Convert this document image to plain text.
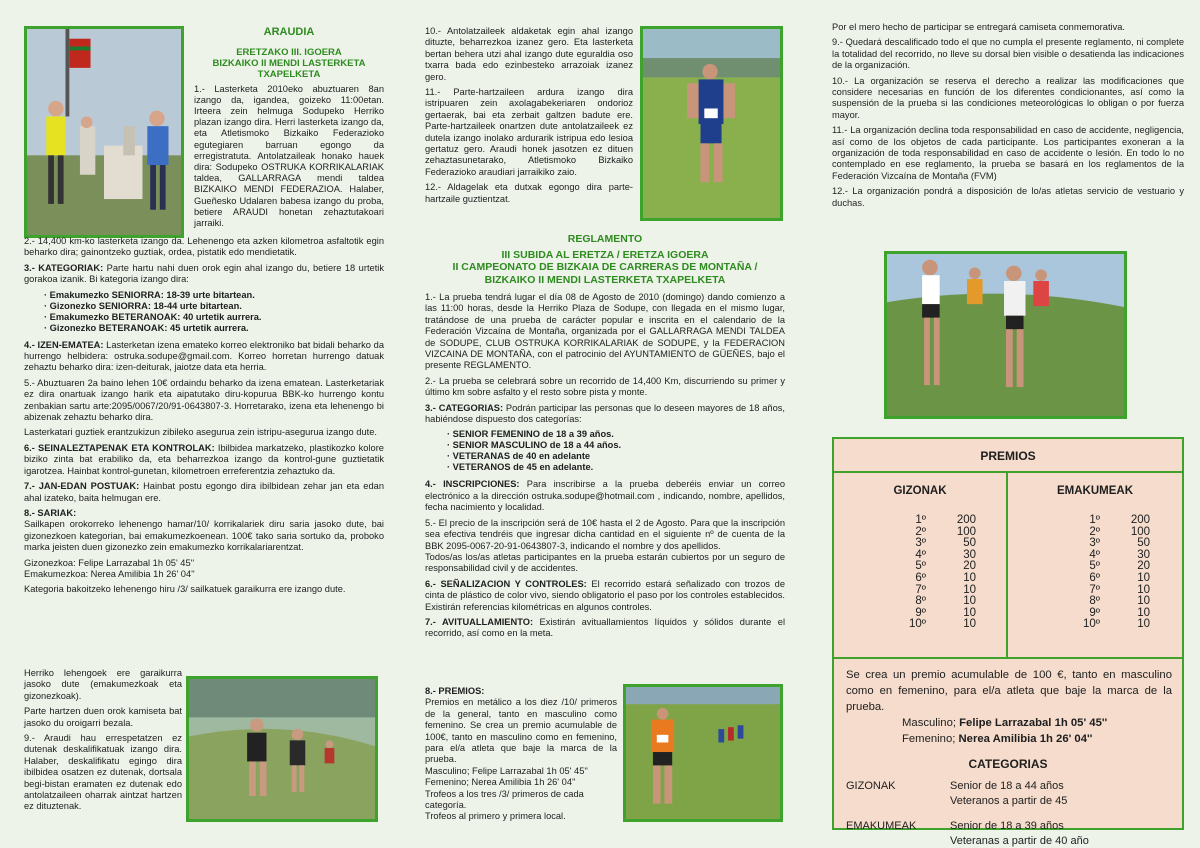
ARAUDIA
ERETZAKO III. IGOERA
BIZKAIKO II MENDI LASTERKETA TXAPELKETA
1.- Lasterketa 2010eko abuztuaren 8an izango da, igandea, goizeko 11:00etan. Irteera zein helmuga Sodupeko Herriko plazan izango dira. Herri lasterketa izango da, eta Atletismoko Bizkaiko Federazioko egutegiaren barruan egongo da erregistratuta. Antolatzaileak honako hauek dira: Sodupeko OSTRUKA KORRIKALARIAK taldea, GALLARRAGA mendi taldea BIZKAIKO MENDI FEDERAZIOA. Halaber, Gueñesko Udalaren babesa izango du proba, betiere ARAUDI honetan zehaztutakoari jarraiki.
2.- 14,400 km-ko lasterketa izango da. Lehenengo eta azken kilometroa asfaltotik egin beharko dira; gainontzeko guztiak, ordea, pistatik edo mendietatik.
3.- KATEGORIAK: Parte hartu nahi duen orok egin ahal izango du, betiere 18 urtetik gorakoa izanik. Bi kategoria izango dira:
· Emakumezko SENIORRA: 18-39 urte bitartean.
· Gizonezko SENIORRA: 18-44 urte bitartean.
· Emakumezko BETERANOAK: 40 urtetik aurrera.
· Gizonezko BETERANOAK: 45 urtetik aurrera.
4.- IZEN-EMATEA: Lasterketan izena emateko korreo elektroniko bat bidali beharko da hurrengo helbidera: ostruka.sodupe@gmail.com. Korreo horretan hurrengo datuak zehaztu beharko dira: izen-deiturak, jaiotze data eta herria.
5.- Abuztuaren 2a baino lehen 10€ ordaindu beharko da izena ematean. Lasterketariak ez dira onartuak izango harik eta aipatutako diru-kopurua BBK-ko hurrengo kontu zenbakian sartu arte:2095/0067/20/91-0643807-3. Horretarako, izena eta lehenengo bi abizenak zehaztu beharko dira.
Lasterkatari guztiek erantzukizun zibileko asegurua zein istripu-asegurua izango dute.
6.- SEINALEZTAPENAK ETA KONTROLAK: Ibilbidea markatzeko, plastikozko kolore biziko zinta bat erabiliko da, eta beharrezkoa izango da kontrol-gune guztietatik igarotzea. Hainbat kontrol-gunetan, kilometroen erreferentzia zehaztuko da.
7.- JAN-EDAN POSTUAK: Hainbat postu egongo dira ibilbidean zehar jan eta edan ahal izateko, baita helmugan ere.
8.- SARIAK:
Sailkapen orokorreko lehenengo hamar/10/ korrikalariek diru saria jasoko dute, bai gizonezkoen kategorian, bai emakumezkoenean. 100€ tako saria sortuko da, proboko marka jeisten duen gizonezko zein emakumezko korrikalariarentzat.
Gizonezkoa: Felipe Larrazabal 1h 05' 45''
Emakumezkoa: Nerea Amilibia 1h 26' 04''
Kategoria bakoitzeko lehenengo hiru /3/ sailkatuek garaikurra ere izango dute.
Herriko lehengoek ere garaikurra jasoko dute (emakumezkoak eta gizonezkoak).
Parte hartzen duen orok kamiseta bat jasoko du oroigarri bezala.
9.- Araudi hau errespetatzen ez dutenak deskalifikatuak izango dira. Halaber, deskalifikatu egingo dira ibilbidea osatzen ez dutenak, dortsala begi-bistan eramaten ez dutenak edo antolatzaileen oharrak aintzat hartzen ez dituztenak.
10.- Antolatzaileek aldaketak egin ahal izango dituzte, beharrezkoa izanez gero. Eta lasterketa bertan behera utzi ahal izango dute eguraldia oso txarra bada edo ezinbesteko arrazoiak izanez gero.
11.- Parte-hartzaileen ardura izango dira istripuaren zein axolagabekeriaren ondorioz gertaerak, bai eta zerbait galtzen badute ere. Parte-hartzaileek onartzen dute antolatzaileek ez dutela izango inolako ardurarik istripua edo lesioa gertatuz gero. Araudi honek jasotzen ez dituen zehaztasunetarako, Atletismoko Bizkaiko Federazioko araudiari jarraikiko zaio.
12.- Aldagelak eta dutxak egongo dira parte-hartzaile guztientzat.
REGLAMENTO
III SUBIDA AL ERETZA / ERETZA IGOERA
II CAMPEONATO DE BIZKAIA DE CARRERAS DE MONTAÑA /
BIZKAIKO II MENDI LASTERKETA TXAPELKETA
1.- La prueba tendrá lugar el día 08 de Agosto de 2010 (domingo) dando comienzo a las 11:00 horas, desde la Herriko Plaza de Sodupe, con llegada en el mismo lugar, tratándose de una prueba de carácter popular e inscrita en el calendario de la Federación Vizcaína de Montaña, organizada por el GALLARRAGA MENDI TALDEA de SODUPE, CLUB OSTRUKA KORRIKALARIAK de SODUPE, y la FEDERACION VIZCAINA DE MONTAÑA, con el patrocinio del AYUNTAMIENTO de GÜEÑES, bajo el presente REGLAMENTO.
2.- La prueba se celebrará sobre un recorrido de 14,400 Km, discurriendo su primer y último km sobre asfalto y el resto sobre pista y monte.
3.- CATEGORIAS: Podrán participar las personas que lo deseen mayores de 18 años, habiéndose dispuesto dos categorías:
· SENIOR FEMENINO de 18 a 39 años.
· SENIOR MASCULINO de 18 a 44 años.
· VETERANAS de 40 en adelante
· VETERANOS de 45 en adelante.
4.- INSCRIPCIONES: Para inscribirse a la prueba deberéis enviar un correo electrónico a la dirección ostruka.sodupe@hotmail.com , indicando, nombre, apellidos, fecha nacimiento y localidad.
5.- El precio de la inscripción será de 10€ hasta el 2 de Agosto. Para que la inscripción sea efectiva tendréis que ingresar dicha cantidad en el siguiente nº de cuenta de la BBK 2095-0067-20-91-0643807-3, indicando el nombre y dos apellidos.
Todos/as los/as atletas participantes en la prueba estarán cubiertos por un seguro de responsabilidad civil y de accidentes.
6.- SEÑALIZACION Y CONTROLES: El recorrido estará señalizado con trozos de cinta de plástico de color vivo, siendo obligatorio el paso por los controles establecidos. Existirán referencias kilométricas en algunos controles.
7.- AVITUALLAMIENTO: Existirán avituallamientos líquidos y sólidos durante el recorrido, así como en la meta.
8.- PREMIOS:
Premios en metálico a los diez /10/ primeros de la general, tanto en masculino como femenino. Se crea un premio acumulable de 100€, tanto en masculino como en femenino, para el/a atleta que baje la marca de la prueba.
Masculino; Felipe Larrazabal 1h 05' 45''
Femenino; Nerea Amilibia 1h 26' 04''
Trofeos a los tres /3/ primeros de cada categoría.
Trofeos al primero y primera local.
Por el mero hecho de participar se entregará camiseta conmemorativa.
9.- Quedará descalificado todo el que no cumpla el presente reglamento, ni complete la totalidad del recorrido, no lleve su dorsal bien visible o desatienda las indicaciones de la organización.
10.- La organización se reserva el derecho a realizar las modificaciones que considere necesarias en función de los diferentes condicionantes, así como la suspensión de la prueba si las condiciones meteorológicas lo obligan o por fuerza mayor.
11.- La organización declina toda responsabilidad en caso de accidente, negligencia, así como de los objetos de cada participante. Los participantes exoneran a la organización de toda responsabilidad en caso de accidente o lesión. En todo lo no contemplado en ese reglamento, la prueba se basará en los reglamentos de la Federación Vizcaína de Montaña (FVM)
12.- La organización pondrá a disposición de lo/as atletas servicio de vestuario y duchas.
PREMIOS
GIZONAK
1º	200
2º	100
3º	50
4º	30
5º	20
6º	10
7º	10
8º	10
9º	10
10º	10
EMAKUMEAK
1º	200
2º	100
3º	50
4º	30
5º	20
6º	10
7º	10
8º	10
9º	10
10º	10
Se crea un premio acumulable de 100 €, tanto en masculino como en femenino, para el/a atleta que baje la marca de la prueba.
Masculino; Felipe Larrazabal 1h 05' 45''
Femenino; Nerea Amilibia 1h 26' 04''
CATEGORIAS
GIZONAK	Senior de 18 a 44 años
Veteranos a partir de 45
EMAKUMEAK	Senior de 18 a 39 años
Veteranas a partir de 40 año
